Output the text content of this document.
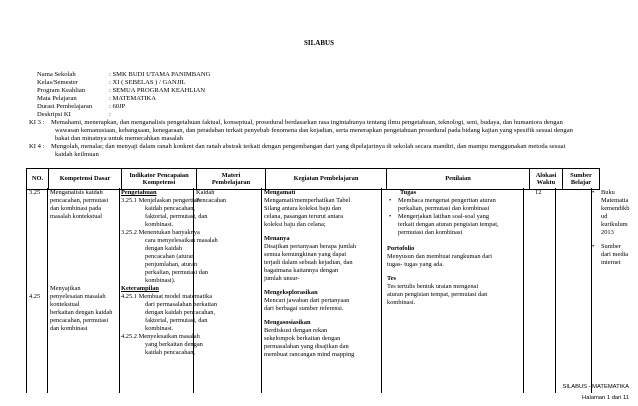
SILABUS
Nama Sekolah	: SMK BUDI UTAMA PANIMBANG
Kelas/Semester	: XI ( SEBELAS ) / GANJIL
Program Keahlian	: SEMUA PROGRAM KEAHLIAN
Mata Pelajaran	: MATEMATIKA
Durasi Pembelajaran	: 60JP
Deskripsi KI	:
KI 3 : Memahami, menerapkan, dan menganalisis pengetahuan faktual, konseptual, prosedural berdasarkan rasa ingintahunya tentang ilmu pengetahuan, teknologi, seni, budaya, dan humaniora dengan
wawasan kemanusiaan, kebangsaan, kenegaraan, dan peradaban terkait penyebab fenomena dan kejadian, serta menerapkan pengetahuan prosedural pada bidang kajian yang spesifik sesuai dengan
bakat dan minatnya untuk memecahkan masalah
KI 4 : Mengolah, menalar, dan menyaji dalam ranah konkret dan ranah abstrak terkait dengan pengembangan dari yang dipelajarinya di sekolah secara mandiri, dan mampu menggunakan metoda sesuai
kaidah keilmuan
NO.	Kompetensi Dasar	
Indikator Pencapaian
Kompetensi

Materi
Pembelajaran
	Kegiatan Pembelajaran	Penilaian	
Alokasi
Waktu

Sumber
Belajar
3.25
4.25
Menganalisis kaidah
pencacahan, permutasi
dan kombinasi pada
masalah kontekstual
Menyajikan
penyelesaian masalah
kontekstual
berkaitan dengan kaidah
pencacahan, permutasi
dan kombinasi
Pengetahuan
3.25.1 Menjelaskan pengertian
kaidah pencacahan,
faktorial, permutasi, dan
kombinasi.
3.25.2 Menentukan banyaknya
cara menyelesaikan masalah
dengan kaidah
pencacahan (aturan
penjumlahan, aturan
perkalian, permutasi dan
kombinasi).
Keterampilan
4.25.1 Membuat model matematika
dari permasalahan berkaitan
dengan kaidah pencacahan,
faktorial, permutasi, dan
kombinasi.
4.25.2 Menyelesaikan masalah
yang berkaitan dengan
kaidah pencacahan,
Kaidah
Pencacahan
Mengamati
Mengamati/memperhatikan Tabel
Silang antara koleksi baju dan
celana, pasangan terurut antara
koleksi baju dan celana;
Menanya
Disajikan pertanyaan berapa jumlah
semua kemungkinan yang dapat
terjadi dalam sebuah kejadian, dan
bagaimana kaitannya dengan
jumlah unsur-
Mengeksplorasikan
Mencari jawaban dari pertanyaan
dari berbagai sumber referensi.
Mengasosiasikan
Berdiskusi dengan rekan
sekelompok berkaitan dengan
permasalahan yang disajikan dan
membuat rancangan mind mapping
Tugas
• Membaca mengenai pengertian aturan
perkalian, permutasi dan kombinasi
• Mengerjakan latihan soal-soal yang
terkait dengan aturan pengisian tempat,
permutasi dan kombinasi
Portofolio
Menyusun dan membuat rangkuman dari
tugas- tugas yang ada.
Tes
Tes tertulis bentuk uraian mengenai
aturan pengisian tempat, permutasi dan
kombinasi.
12
•	Buku
Matematia
kemendikb
ud
kurikulum
2013
• Sumber
dari media
internet
SILABUS - MATEMATIKA
Halaman 1 dari 11
